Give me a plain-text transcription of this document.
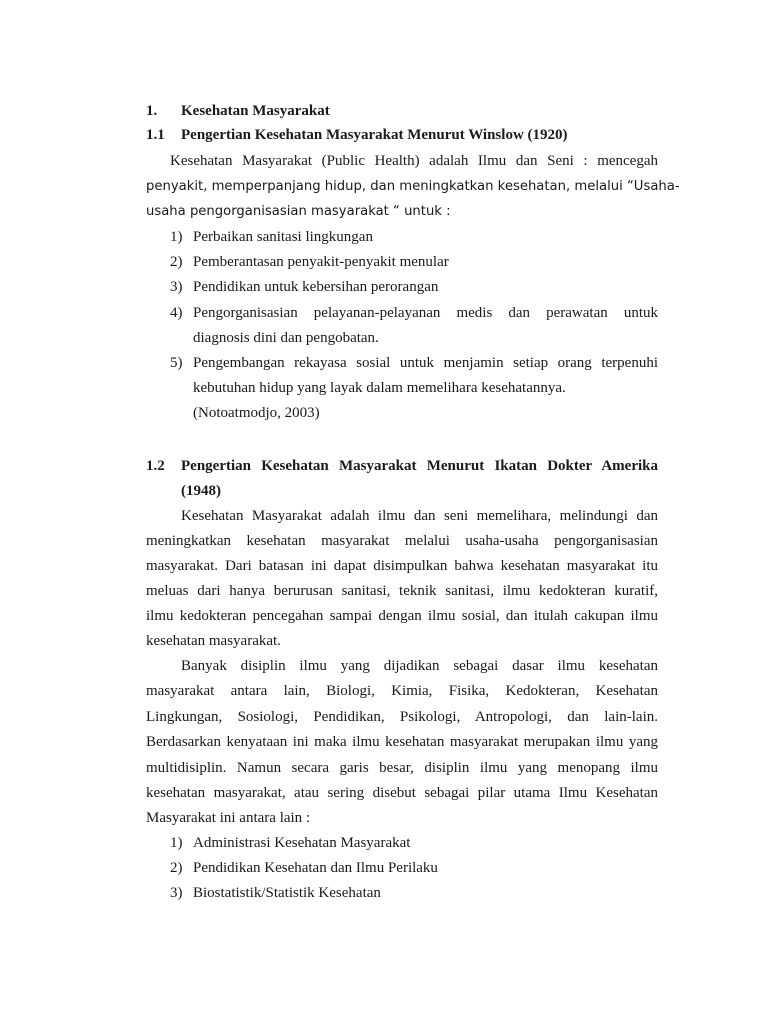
1. Kesehatan Masyarakat
1.1 Pengertian Kesehatan Masyarakat Menurut Winslow (1920)
Kesehatan Masyarakat (Public Health) adalah Ilmu dan Seni : mencegah
penyakit, memperpanjang hidup, dan meningkatkan kesehatan, melalui “Usaha-
usaha pengorganisasian masyarakat “ untuk :
1) Perbaikan sanitasi lingkungan
2) Pemberantasan penyakit-penyakit menular
3) Pendidikan untuk kebersihan perorangan
4) Pengorganisasian pelayanan-pelayanan medis dan perawatan untuk
diagnosis dini dan pengobatan.
5) Pengembangan rekayasa sosial untuk menjamin setiap orang terpenuhi
kebutuhan hidup yang layak dalam memelihara kesehatannya.
(Notoatmodjo, 2003)
1.2 Pengertian Kesehatan Masyarakat Menurut Ikatan Dokter Amerika
(1948)
Kesehatan Masyarakat adalah ilmu dan seni memelihara, melindungi dan
meningkatkan kesehatan masyarakat melalui usaha-usaha pengorganisasian
masyarakat. Dari batasan ini dapat disimpulkan bahwa kesehatan masyarakat itu
meluas dari hanya berurusan sanitasi, teknik sanitasi, ilmu kedokteran kuratif,
ilmu kedokteran pencegahan sampai dengan ilmu sosial, dan itulah cakupan ilmu
kesehatan masyarakat.
Banyak disiplin ilmu yang dijadikan sebagai dasar ilmu kesehatan
masyarakat antara lain, Biologi, Kimia, Fisika, Kedokteran, Kesehatan
Lingkungan, Sosiologi, Pendidikan, Psikologi, Antropologi, dan lain-lain.
Berdasarkan kenyataan ini maka ilmu kesehatan masyarakat merupakan ilmu yang
multidisiplin. Namun secara garis besar, disiplin ilmu yang menopang ilmu
kesehatan masyarakat, atau sering disebut sebagai pilar utama Ilmu Kesehatan
Masyarakat ini antara lain :
1) Administrasi Kesehatan Masyarakat
2) Pendidikan Kesehatan dan Ilmu Perilaku
3) Biostatistik/Statistik Kesehatan
